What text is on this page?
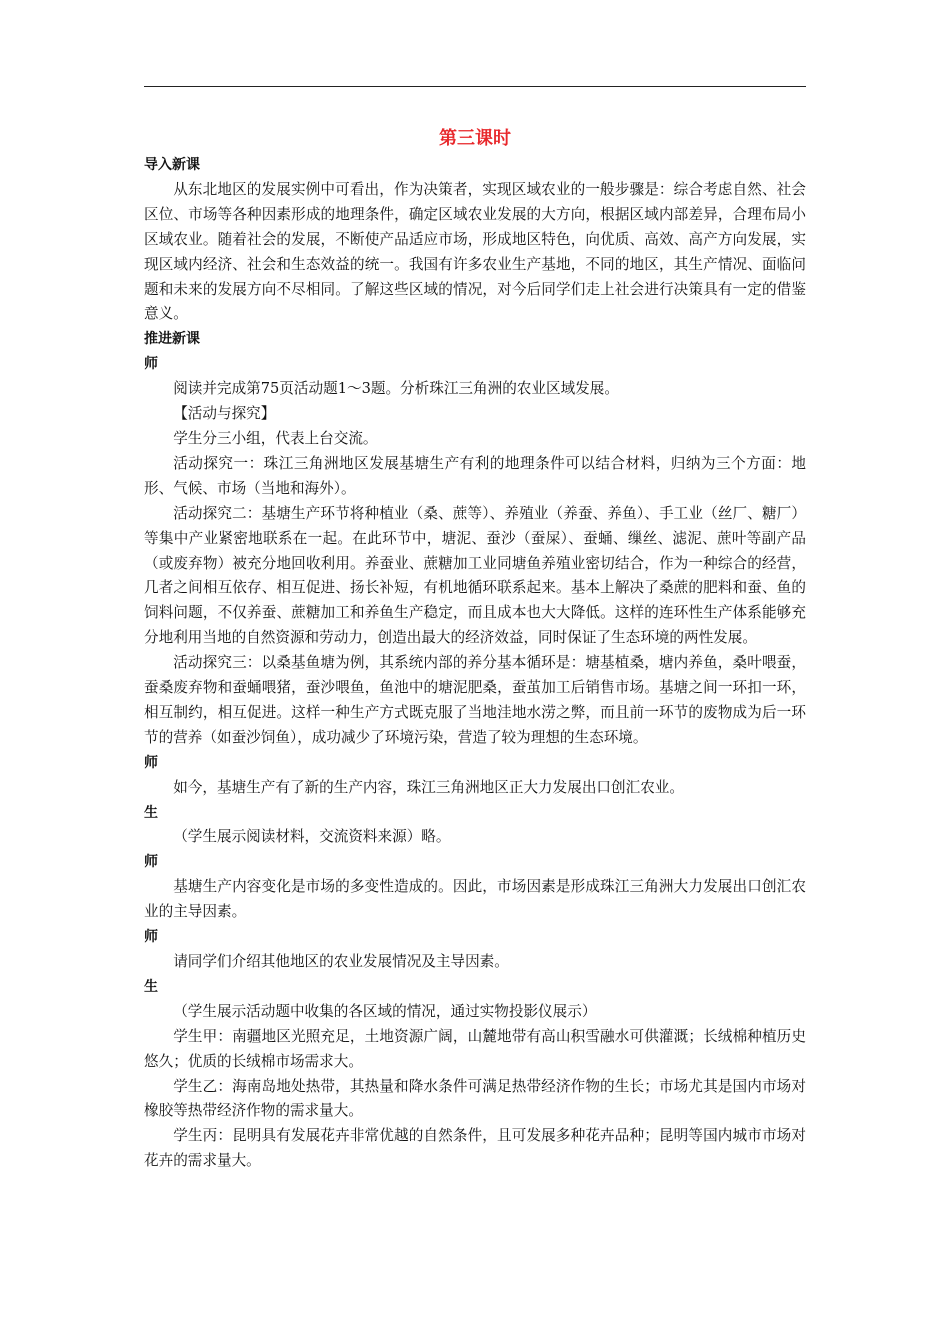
第三课时

导入新课

从东北地区的发展实例中可看出，作为决策者，实现区域农业的一般步骤是：综合考虑自然、社会区位、市场等各种因素形成的地理条件，确定区域农业发展的大方向，根据区域内部差异，合理布局小区域农业。随着社会的发展，不断使产品适应市场，形成地区特色，向优质、高效、高产方向发展，实现区域内经济、社会和生态效益的统一。我国有许多农业生产基地，不同的地区，其生产情况、面临问题和未来的发展方向不尽相同。了解这些区域的情况，对今后同学们走上社会进行决策具有一定的借鉴意义。

推进新课

师

阅读并完成第75页活动题1～3题。分析珠江三角洲的农业区域发展。

【活动与探究】

学生分三小组，代表上台交流。

活动探究一：珠江三角洲地区发展基塘生产有利的地理条件可以结合材料，归纳为三个方面：地形、气候、市场（当地和海外）。

活动探究二：基塘生产环节将种植业（桑、蔗等）、养殖业（养蚕、养鱼）、手工业（丝厂、糖厂）等集中产业紧密地联系在一起。在此环节中，塘泥、蚕沙（蚕屎）、蚕蛹、缫丝、滤泥、蔗叶等副产品（或废弃物）被充分地回收利用。养蚕业、蔗糖加工业同塘鱼养殖业密切结合，作为一种综合的经营，几者之间相互依存、相互促进、扬长补短，有机地循环联系起来。基本上解决了桑蔗的肥料和蚕、鱼的饲料问题，不仅养蚕、蔗糖加工和养鱼生产稳定，而且成本也大大降低。这样的连环性生产体系能够充分地利用当地的自然资源和劳动力，创造出最大的经济效益，同时保证了生态环境的两性发展。

活动探究三：以桑基鱼塘为例，其系统内部的养分基本循环是：塘基植桑，塘内养鱼，桑叶喂蚕，蚕桑废弃物和蚕蛹喂猪，蚕沙喂鱼，鱼池中的塘泥肥桑，蚕茧加工后销售市场。基塘之间一环扣一环，相互制约，相互促进。这样一种生产方式既克服了当地洼地水涝之弊，而且前一环节的废物成为后一环节的营养（如蚕沙饲鱼），成功减少了环境污染，营造了较为理想的生态环境。

师

如今，基塘生产有了新的生产内容，珠江三角洲地区正大力发展出口创汇农业。

生

（学生展示阅读材料，交流资料来源）略。

师

基塘生产内容变化是市场的多变性造成的。因此，市场因素是形成珠江三角洲大力发展出口创汇农业的主导因素。

师

请同学们介绍其他地区的农业发展情况及主导因素。

生

（学生展示活动题中收集的各区域的情况，通过实物投影仪展示）

学生甲：南疆地区光照充足，土地资源广阔，山麓地带有高山积雪融水可供灌溉；长绒棉种植历史悠久；优质的长绒棉市场需求大。

学生乙：海南岛地处热带，其热量和降水条件可满足热带经济作物的生长；市场尤其是国内市场对橡胶等热带经济作物的需求量大。

学生丙：昆明具有发展花卉非常优越的自然条件，且可发展多种花卉品种；昆明等国内城市市场对花卉的需求量大。
